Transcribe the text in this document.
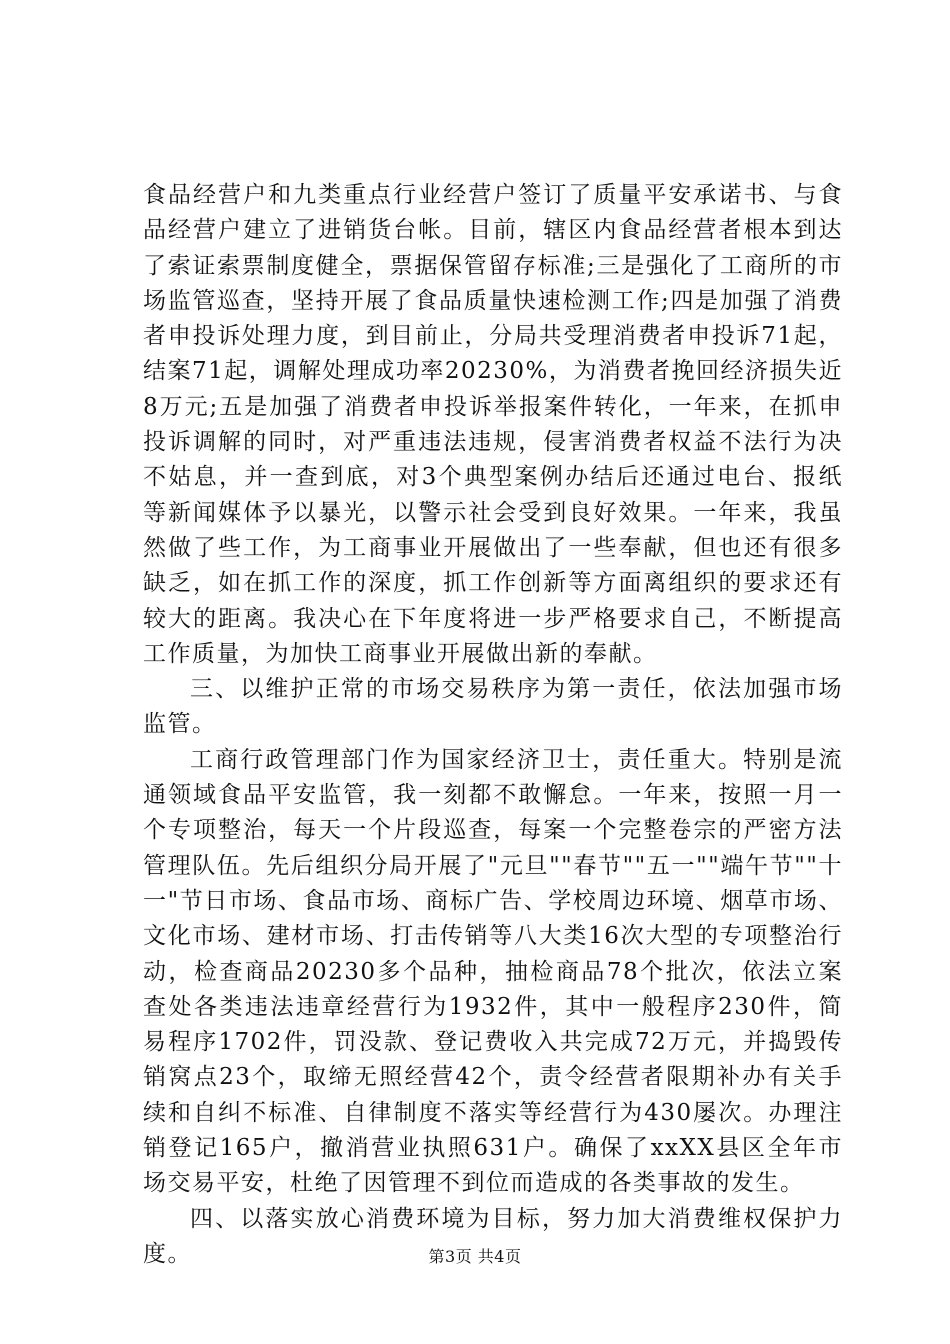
食品经营户和九类重点行业经营户签订了质量平安承诺书、与食品经营户建立了进销货台帐。目前，辖区内食品经营者根本到达了索证索票制度健全，票据保管留存标准;三是强化了工商所的市场监管巡查，坚持开展了食品质量快速检测工作;四是加强了消费者申投诉处理力度，到目前止，分局共受理消费者申投诉71起，结案71起，调解处理成功率20230%，为消费者挽回经济损失近8万元;五是加强了消费者申投诉举报案件转化，一年来，在抓申投诉调解的同时，对严重违法违规，侵害消费者权益不法行为决不姑息，并一查到底，对3个典型案例办结后还通过电台、报纸等新闻媒体予以暴光，以警示社会受到良好效果。一年来，我虽然做了些工作，为工商事业开展做出了一些奉献，但也还有很多缺乏，如在抓工作的深度，抓工作创新等方面离组织的要求还有较大的距离。我决心在下年度将进一步严格要求自己，不断提高工作质量，为加快工商事业开展做出新的奉献。

三、以维护正常的市场交易秩序为第一责任，依法加强市场监管。

工商行政管理部门作为国家经济卫士，责任重大。特别是流通领域食品平安监管，我一刻都不敢懈怠。一年来，按照一月一个专项整治，每天一个片段巡查，每案一个完整卷宗的严密方法管理队伍。先后组织分局开展了"元旦""春节""五一""端午节""十一"节日市场、食品市场、商标广告、学校周边环境、烟草市场、文化市场、建材市场、打击传销等八大类16次大型的专项整治行动，检查商品20230多个品种，抽检商品78个批次，依法立案查处各类违法违章经营行为1932件，其中一般程序230件，简易程序1702件，罚没款、登记费收入共完成72万元，并捣毁传销窝点23个，取缔无照经营42个，责令经营者限期补办有关手续和自纠不标准、自律制度不落实等经营行为430屡次。办理注销登记165户，撤消营业执照631户。确保了xxXX县区全年市场交易平安，杜绝了因管理不到位而造成的各类事故的发生。

四、以落实放心消费环境为目标，努力加大消费维权保护力度。	第3页 共4页
